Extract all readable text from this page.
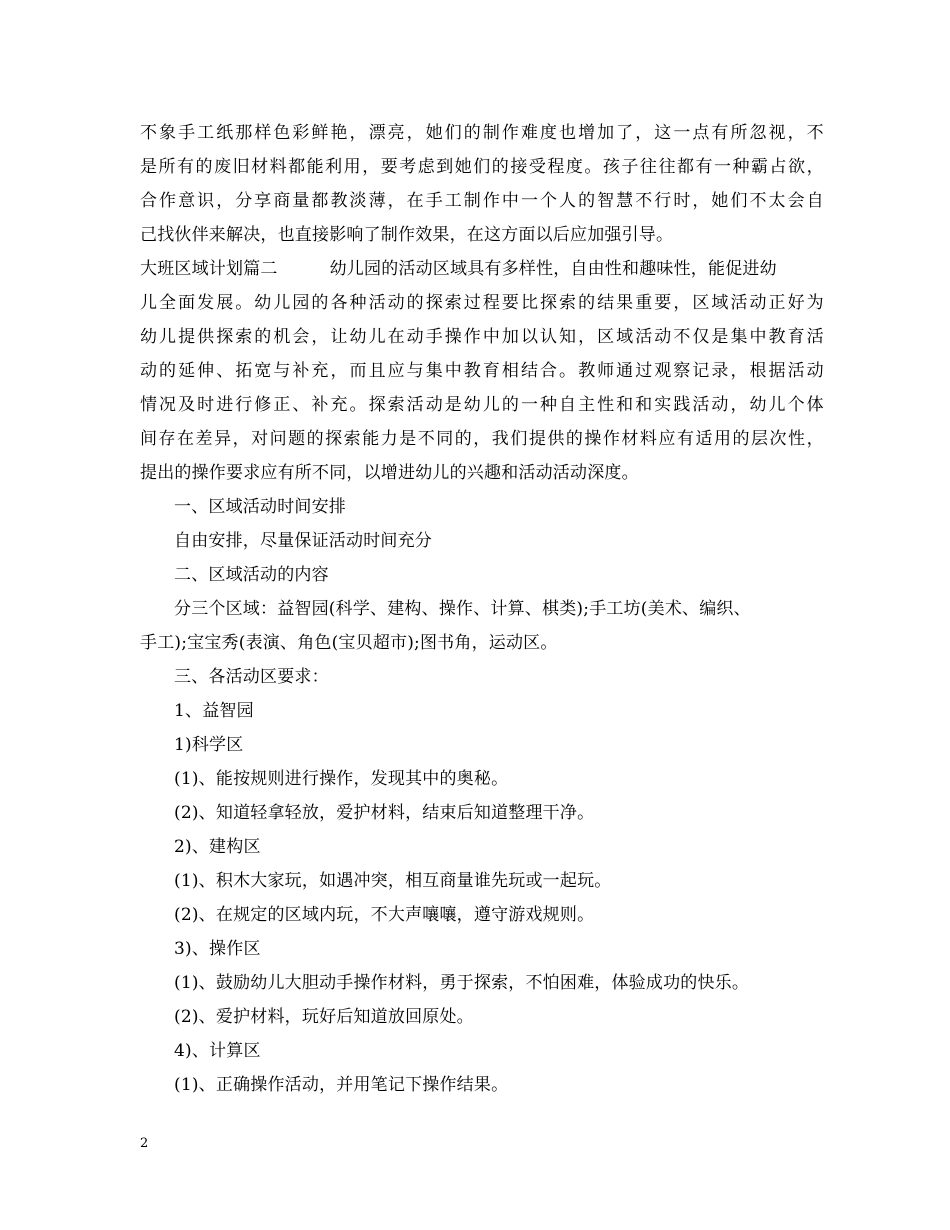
不 象 手 工 纸 那 样 色 彩 鲜 艳 ， 漂 亮 ， 她 们 的 制 作 难 度 也 增 加 了 ， 这 一 点 有 所 忽 视 ， 不
是 所 有 的 废 旧 材 料 都 能 利 用 ， 要 考 虑 到 她 们 的 接 受 程 度 。 孩 子 往 往 都 有 一 种 霸 占 欲 ，
合 作 意 识 ， 分 享 商 量 都 教 淡 薄 ， 在 手 工 制 作 中 一 个 人 的 智 慧 不 行 时 ， 她 们 不 太 会 自
己找伙伴来解决，也直接影响了制作效果，在这方面以后应加强引导。
大班区域计划篇二	幼儿园的活动区域具有多样性，自由性和趣味性，能促进幼
儿 全 面 发 展 。 幼 儿 园 的 各 种 活 动 的 探 索 过 程 要 比 探 索 的 结 果 重 要 ， 区 域 活 动 正 好 为
幼 儿 提 供 探 索 的 机 会 ， 让 幼 儿 在 动 手 操 作 中 加 以 认 知 ， 区 域 活 动 不 仅 是 集 中 教 育 活
动 的 延 伸 、 拓 宽 与 补 充 ， 而 且 应 与 集 中 教 育 相 结 合 。 教 师 通 过 观 察 记 录 ， 根 据 活 动
情 况 及 时 进 行 修 正 、 补 充 。 探 索 活 动 是 幼 儿 的 一 种 自 主 性 和 和 实 践 活 动 ， 幼 儿 个 体
间 存 在 差 异 ， 对 问 题 的 探 索 能 力 是 不 同 的 ， 我 们 提 供 的 操 作 材 料 应 有 适 用 的 层 次 性 ，
提出的操作要求应有所不同，以增进幼儿的兴趣和活动活动深度。
一、区域活动时间安排
自由安排，尽量保证活动时间充分
二、区域活动的内容
分三个区域：益智园(科学、建构、操作、计算、棋类);手工坊(美术、编织、
手工);宝宝秀(表演、角色(宝贝超市);图书角，运动区。
三、各活动区要求：
1、益智园
1)科学区
(1)、能按规则进行操作，发现其中的奥秘。
(2)、知道轻拿轻放，爱护材料，结束后知道整理干净。
2)、建构区
(1)、积木大家玩，如遇冲突，相互商量谁先玩或一起玩。
(2)、在规定的区域内玩，不大声嚷嚷，遵守游戏规则。
3)、操作区
(1)、鼓励幼儿大胆动手操作材料，勇于探索，不怕困难，体验成功的快乐。
(2)、爱护材料，玩好后知道放回原处。
4)、计算区
(1)、正确操作活动，并用笔记下操作结果。
2
